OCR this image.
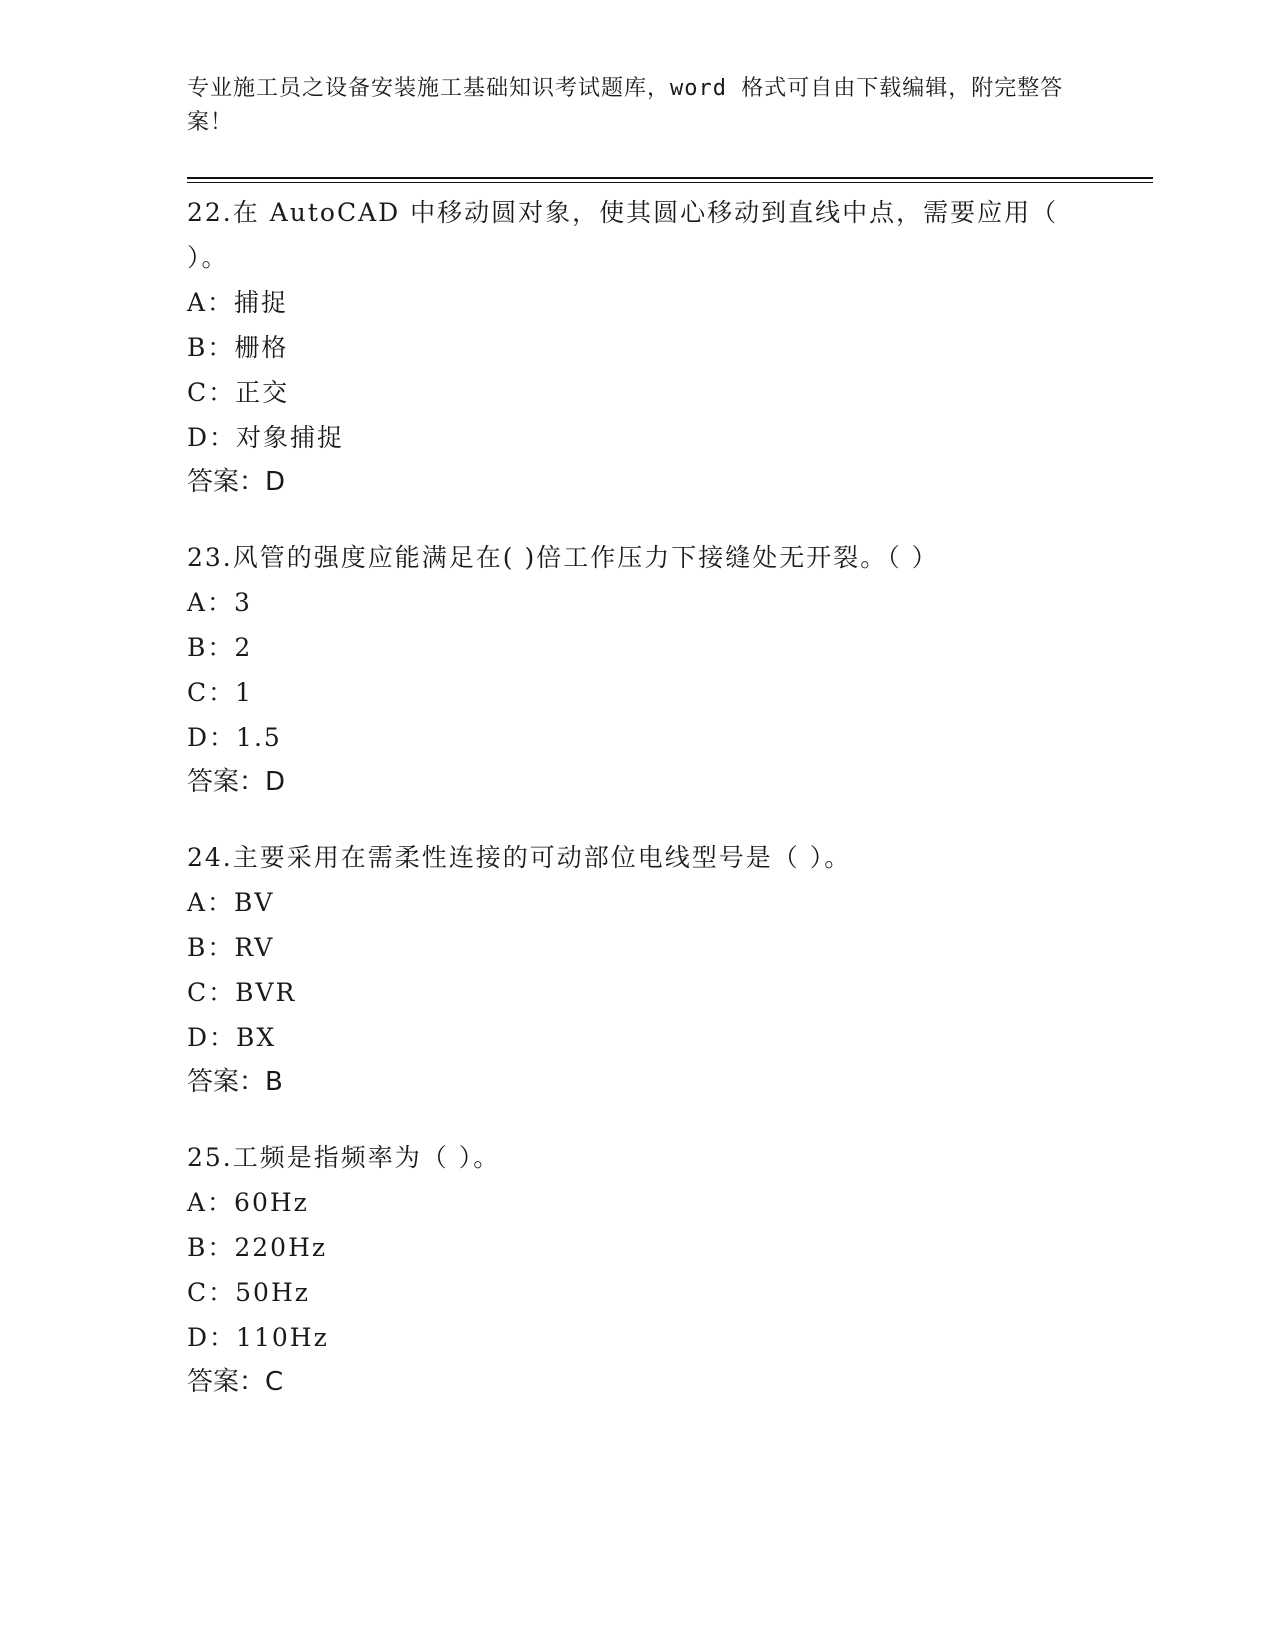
专业施工员之设备安装施工基础知识考试题库，word 格式可自由下载编辑，附完整答案！

22.在 AutoCAD 中移动圆对象，使其圆心移动到直线中点，需要应用（ ）。

A：捕捉

B：栅格

C：正交

D：对象捕捉

答案：D

23.风管的强度应能满足在( )倍工作压力下接缝处无开裂。（ ）

A：3

B：2

C：1

D：1.5

答案：D

24.主要采用在需柔性连接的可动部位电线型号是（ ）。

A：BV

B：RV

C：BVR

D：BX

答案：B

25.工频是指频率为（ ）。

A：60Hz

B：220Hz

C：50Hz

D：110Hz

答案：C
